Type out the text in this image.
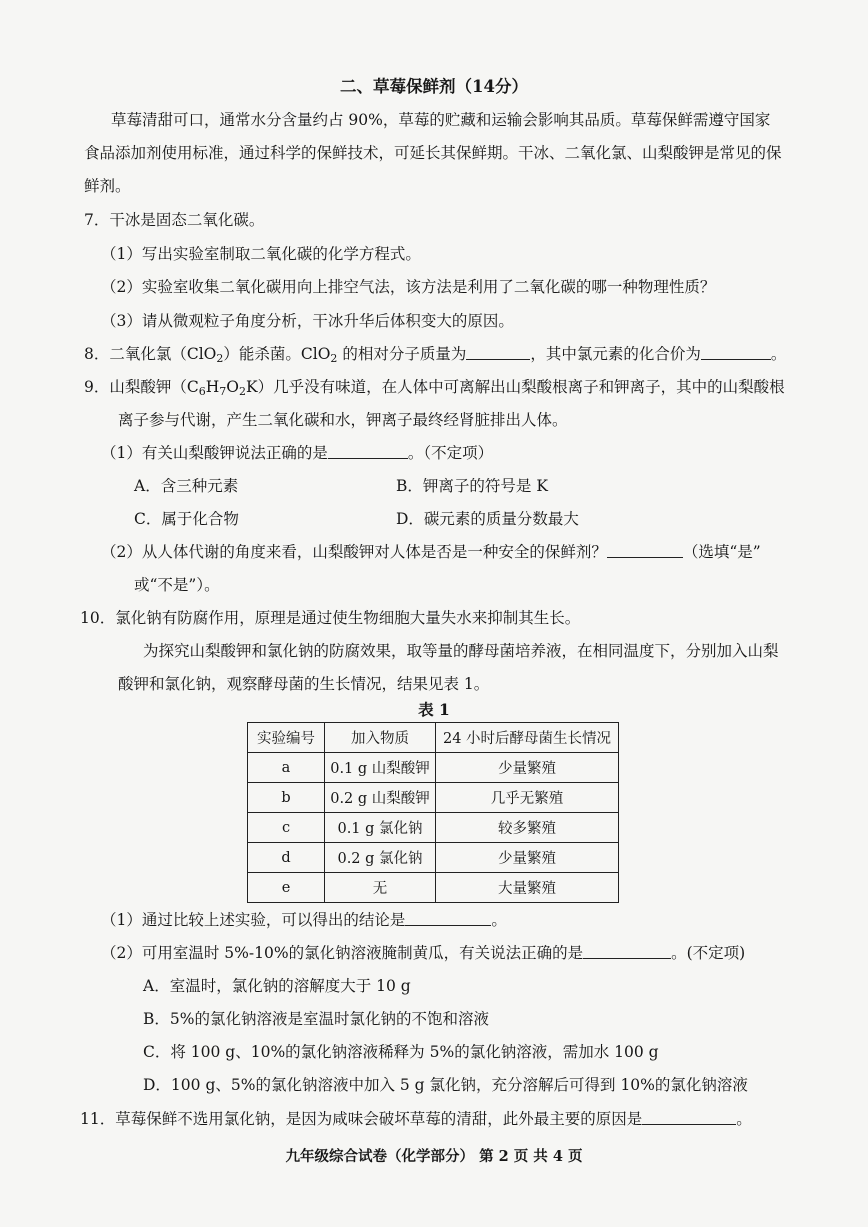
二、草莓保鲜剂（14分）
草莓清甜可口，通常水分含量约占 90%，草莓的贮藏和运输会影响其品质。草莓保鲜需遵守国家
食品添加剂使用标准，通过科学的保鲜技术，可延长其保鲜期。干冰、二氧化氯、山梨酸钾是常见的保
鲜剂。
7．干冰是固态二氧化碳。
（1）写出实验室制取二氧化碳的化学方程式。
（2）实验室收集二氧化碳用向上排空气法，该方法是利用了二氧化碳的哪一种物理性质？
（3）请从微观粒子角度分析，干冰升华后体积变大的原因。
8．二氧化氯（ClO$_2$）能杀菌。ClO$_2$ 的相对分子质量为	，其中氯元素的化合价为	。
9．山梨酸钾$(C_6H_7O_2K)$几乎没有味道，在人体中可离解出山梨酸根离子和钾离子，其中的山梨酸根
离子参与代谢，产生二氧化碳和水，钾离子最终经肾脏排出人体。
（1）有关山梨酸钾说法正确的是	。（不定项）
A．含三种元素	B．钾离子的符号是 K
C．属于化合物	D．碳元素的质量分数最大
（2）从人体代谢的角度来看，山梨酸钾对人体是否是一种安全的保鲜剂？	（选填“是”
或“不是”）。
10．氯化钠有防腐作用，原理是通过使生物细胞大量失水来抑制其生长。
为探究山梨酸钾和氯化钠的防腐效果，取等量的酵母菌培养液，在相同温度下，分别加入山梨
酸钾和氯化钠，观察酵母菌的生长情况，结果见表 1。
表 1
实验编号	加入物质	24 小时后酵母菌生长情况
a	0.1 g 山梨酸钾	少量繁殖
b	0.2 g 山梨酸钾	几乎无繁殖
c	0.1 g 氯化钠	较多繁殖
d	0.2 g 氯化钠	少量繁殖
e	无	大量繁殖
（1）通过比较上述实验，可以得出的结论是	。
（2）可用室温时 5%-10%的氯化钠溶液腌制黄瓜，有关说法正确的是	。(不定项)
A．室温时，氯化钠的溶解度大于 10 g
B．5%的氯化钠溶液是室温时氯化钠的不饱和溶液
C．将 100 g、10%的氯化钠溶液稀释为 5%的氯化钠溶液，需加水 100 g
D．100 g、5%的氯化钠溶液中加入 5 g 氯化钠，充分溶解后可得到 10%的氯化钠溶液
11．草莓保鲜不选用氯化钠，是因为咸味会破坏草莓的清甜，此外最主要的原因是	。
九年级综合试卷（化学部分） 第 2 页 共 4 页
